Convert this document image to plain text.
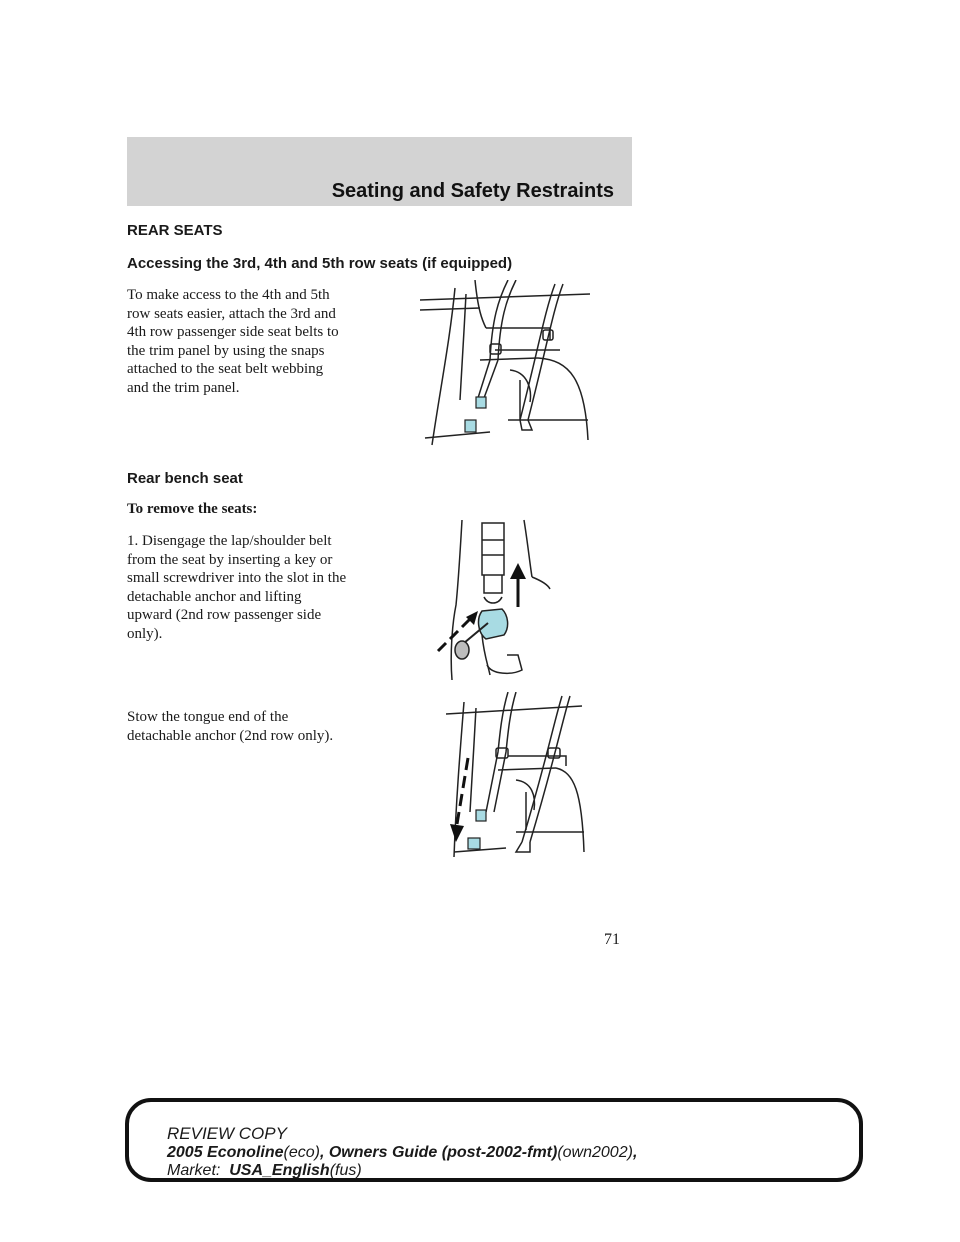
Seating and Safety Restraints
REAR SEATS
Accessing the 3rd, 4th and 5th row seats (if equipped)
To make access to the 4th and 5th
row seats easier, attach the 3rd and
4th row passenger side seat belts to
the trim panel by using the snaps
attached to the seat belt webbing
and the trim panel.
Rear bench seat
To remove the seats:
1. Disengage the lap/shoulder belt
from the seat by inserting a key or
small screwdriver into the slot in the
detachable anchor and lifting
upward (2nd row passenger side
only).
Stow the tongue end of the
detachable anchor (2nd row only).
71
REVIEW COPY
2005 Econoline(eco), Owners Guide (post-2002-fmt)(own2002),
Market: USA_English(fus)
